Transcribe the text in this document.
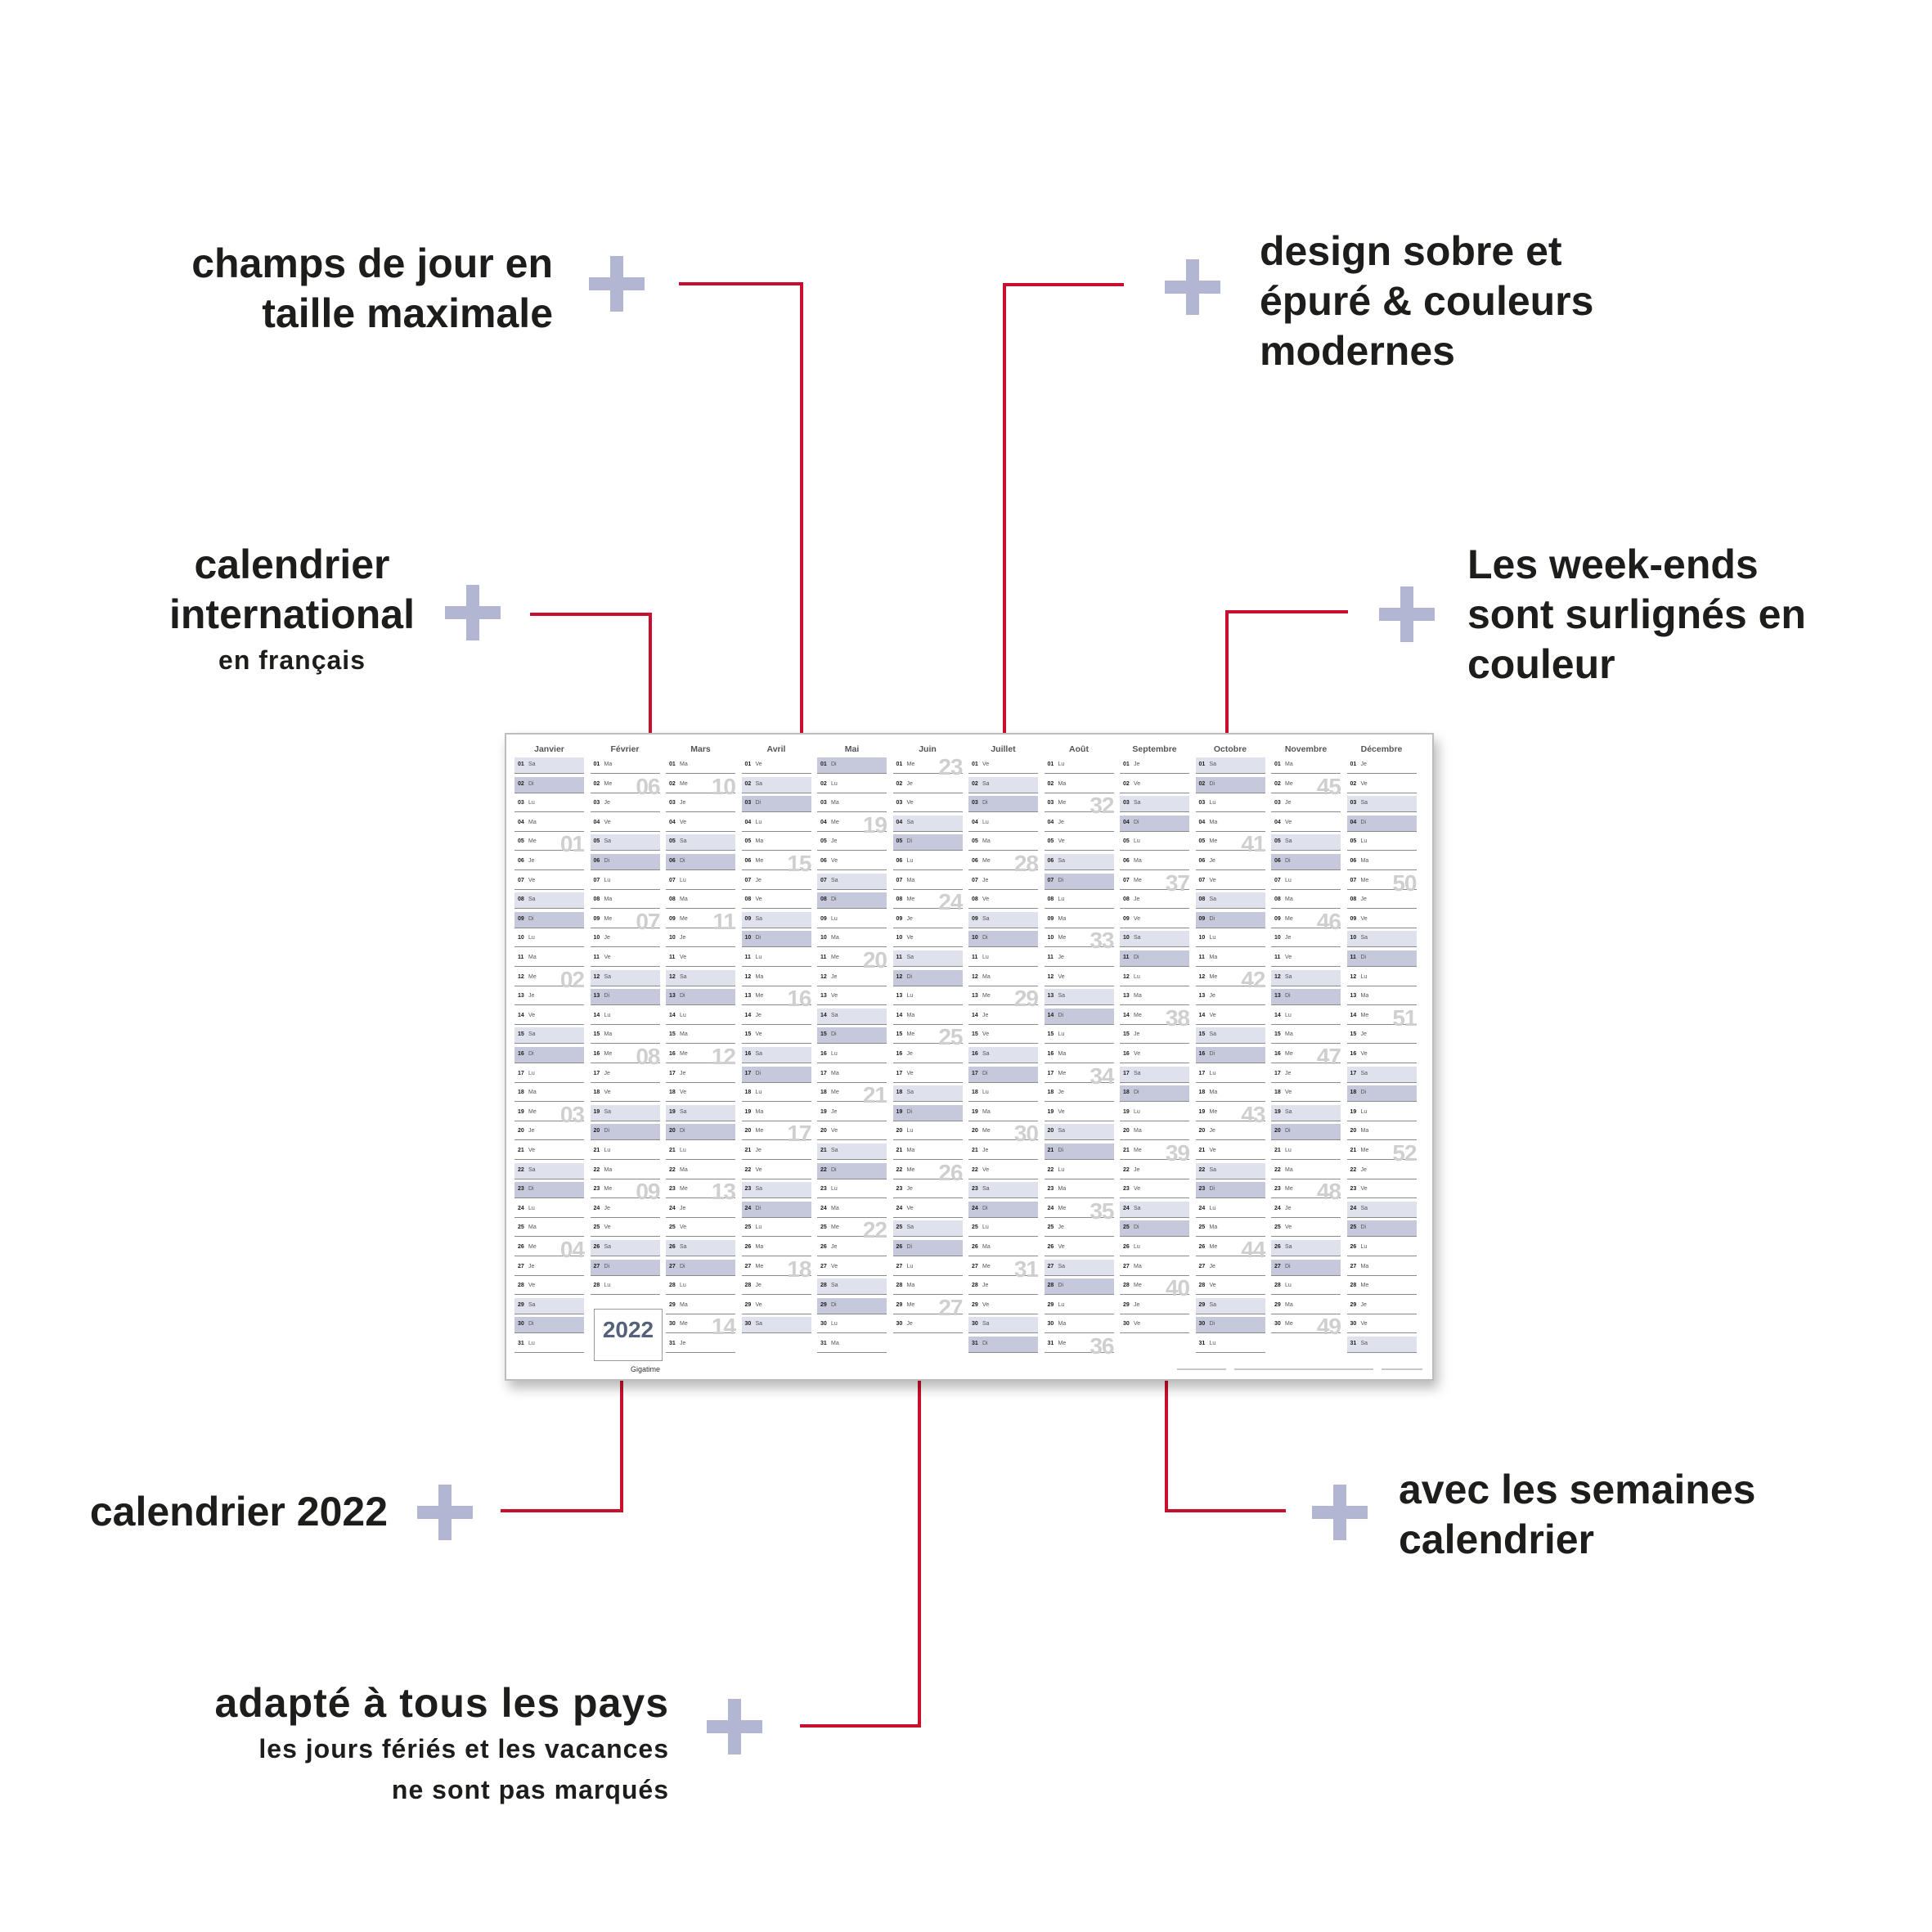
champs de jour en
taille maximale
design sobre et
épuré & couleurs
modernes
calendrier
international
en français
Les week-ends
sont surlignés en
couleur
calendrier 2022	avec les semaines
calendrier
adapté à tous les pays
les jours fériés et les vacances
ne sont pas marqués
Janvier
01 Sa
02 Di
03 Lu
04 Ma
05 Me 01
06 Je
07 Ve
08 Sa
09 Di
10 Lu
11 Ma
12 Me 02
13 Je
14 Ve
15 Sa
16 Di
17 Lu
18 Ma
19 Me 03
20 Je
21 Ve
22 Sa
23 Di
24 Lu
25 Ma
26 Me 04
27 Je
28 Ve
29 Sa
30 Di
31 Lu
Février
01 Ma
02 Me 06
03 Je
04 Ve
05 Sa
06 Di
07 Lu
08 Ma
09 Me 07
10 Je
11 Ve
12 Sa
13 Di
14 Lu
15 Ma
16 Me 08
17 Je
18 Ve
19 Sa
20 Di
21 Lu
22 Ma
23 Me 09
24 Je
25 Ve
26 Sa
27 Di
28 Lu
Mars
01 Ma
02 Me 10
03 Je
04 Ve
05 Sa
06 Di
07 Lu
08 Ma
09 Me 11
10 Je
11 Ve
12 Sa
13 Di
14 Lu
15 Ma
16 Me 12
17 Je
18 Ve
19 Sa
20 Di
21 Lu
22 Ma
23 Me 13
24 Je
25 Ve
26 Sa
27 Di
28 Lu
29 Ma
30 Me 14
31 Je
Avril
01 Ve
02 Sa
03 Di
04 Lu
05 Ma
06 Me 15
07 Je
08 Ve
09 Sa
10 Di
11 Lu
12 Ma
13 Me 16
14 Je
15 Ve
16 Sa
17 Di
18 Lu
19 Ma
20 Me 17
21 Je
22 Ve
23 Sa
24 Di
25 Lu
26 Ma
27 Me 18
28 Je
29 Ve
30 Sa
Mai
01 Di
02 Lu
03 Ma
04 Me 19
05 Je
06 Ve
07 Sa
08 Di
09 Lu
10 Ma
11 Me 20
12 Je
13 Ve
14 Sa
15 Di
16 Lu
17 Ma
18 Me 21
19 Je
20 Ve
21 Sa
22 Di
23 Lu
24 Ma
25 Me 22
26 Je
27 Ve
28 Sa
29 Di
30 Lu
31 Ma
Juin
01 Me 23
02 Je
03 Ve
04 Sa
05 Di
06 Lu
07 Ma
08 Me 24
09 Je
10 Ve
11 Sa
12 Di
13 Lu
14 Ma
15 Me 25
16 Je
17 Ve
18 Sa
19 Di
20 Lu
21 Ma
22 Me 26
23 Je
24 Ve
25 Sa
26 Di
27 Lu
28 Ma
29 Me 27
30 Je
Juillet
01 Ve
02 Sa
03 Di
04 Lu
05 Ma
06 Me 28
07 Je
08 Ve
09 Sa
10 Di
11 Lu
12 Ma
13 Me 29
14 Je
15 Ve
16 Sa
17 Di
18 Lu
19 Ma
20 Me 30
21 Je
22 Ve
23 Sa
24 Di
25 Lu
26 Ma
27 Me 31
28 Je
29 Ve
30 Sa
31 Di
Août
01 Lu
02 Ma
03 Me 32
04 Je
05 Ve
06 Sa
07 Di
08 Lu
09 Ma
10 Me 33
11 Je
12 Ve
13 Sa
14 Di
15 Lu
16 Ma
17 Me 34
18 Je
19 Ve
20 Sa
21 Di
22 Lu
23 Ma
24 Me 35
25 Je
26 Ve
27 Sa
28 Di
29 Lu
30 Ma
31 Me 36
Septembre
01 Je
02 Ve
03 Sa
04 Di
05 Lu
06 Ma
07 Me 37
08 Je
09 Ve
10 Sa
11 Di
12 Lu
13 Ma
14 Me 38
15 Je
16 Ve
17 Sa
18 Di
19 Lu
20 Ma
21 Me 39
22 Je
23 Ve
24 Sa
25 Di
26 Lu
27 Ma
28 Me 40
29 Je
30 Ve
Octobre
01 Sa
02 Di
03 Lu
04 Ma
05 Me 41
06 Je
07 Ve
08 Sa
09 Di
10 Lu
11 Ma
12 Me 42
13 Je
14 Ve
15 Sa
16 Di
17 Lu
18 Ma
19 Me 43
20 Je
21 Ve
22 Sa
23 Di
24 Lu
25 Ma
26 Me 44
27 Je
28 Ve
29 Sa
30 Di
31 Lu
Novembre
01 Ma
02 Me 45
03 Je
04 Ve
05 Sa
06 Di
07 Lu
08 Ma
09 Me 46
10 Je
11 Ve
12 Sa
13 Di
14 Lu
15 Ma
16 Me 47
17 Je
18 Ve
19 Sa
20 Di
21 Lu
22 Ma
23 Me 48
24 Je
25 Ve
26 Sa
27 Di
28 Lu
29 Ma
30 Me 49
Décembre
01 Je
02 Ve
03 Sa
04 Di
05 Lu
06 Ma
07 Me 50
08 Je
09 Ve
10 Sa
11 Di
12 Lu
13 Ma
14 Me 51
15 Je
16 Ve
17 Sa
18 Di
19 Lu
20 Ma
21 Me 52
22 Je
23 Ve
24 Sa
25 Di
26 Lu
27 Ma
28 Me
29 Je
30 Ve
31 Sa
2022
Gigatime
